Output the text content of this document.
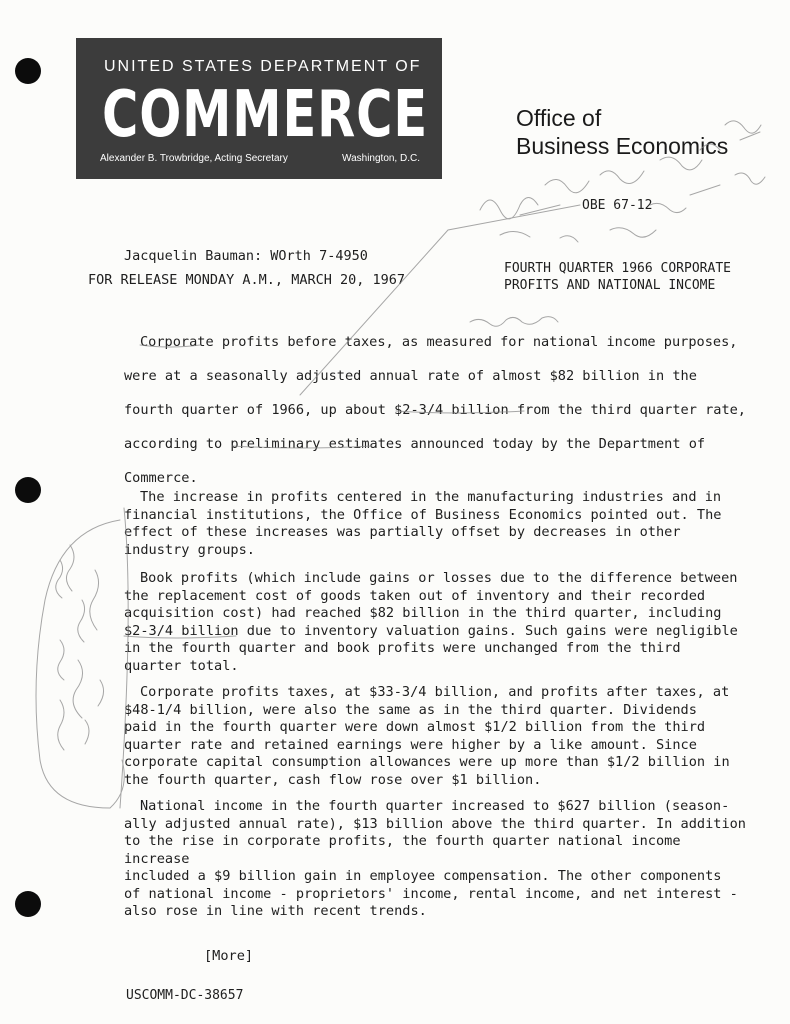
UNITED STATES DEPARTMENT OF
COMMERCE
Alexander B. Trowbridge, Acting Secretary	Washington, D.C.
Office of
Business Economics
OBE 67-12
Jacquelin Bauman: WOrth 7-4950
FOR RELEASE MONDAY A.M., MARCH 20, 1967
FOURTH QUARTER 1966 CORPORATE
PROFITS AND NATIONAL INCOME
Corporate profits before taxes, as measured for national income purposes,
were at a seasonally adjusted annual rate of almost $82 billion in the
fourth quarter of 1966, up about $2-3/4 billion from the third quarter rate,
according to preliminary estimates announced today by the Department of
Commerce.
The increase in profits centered in the manufacturing industries and in
financial institutions, the Office of Business Economics pointed out. The
effect of these increases was partially offset by decreases in other
industry groups.
Book profits (which include gains or losses due to the difference between
the replacement cost of goods taken out of inventory and their recorded
acquisition cost) had reached $82 billion in the third quarter, including
$2-3/4 billion due to inventory valuation gains. Such gains were negligible
in the fourth quarter and book profits were unchanged from the third
quarter total.
Corporate profits taxes, at $33-3/4 billion, and profits after taxes, at
$48-1/4 billion, were also the same as in the third quarter. Dividends
paid in the fourth quarter were down almost $1/2 billion from the third
quarter rate and retained earnings were higher by a like amount. Since
corporate capital consumption allowances were up more than $1/2 billion in
the fourth quarter, cash flow rose over $1 billion.
National income in the fourth quarter increased to $627 billion (season-
ally adjusted annual rate), $13 billion above the third quarter. In addition
to the rise in corporate profits, the fourth quarter national income increase
included a $9 billion gain in employee compensation. The other components
of national income - proprietors' income, rental income, and net interest -
also rose in line with recent trends.
[More]
USCOMM-DC-38657
